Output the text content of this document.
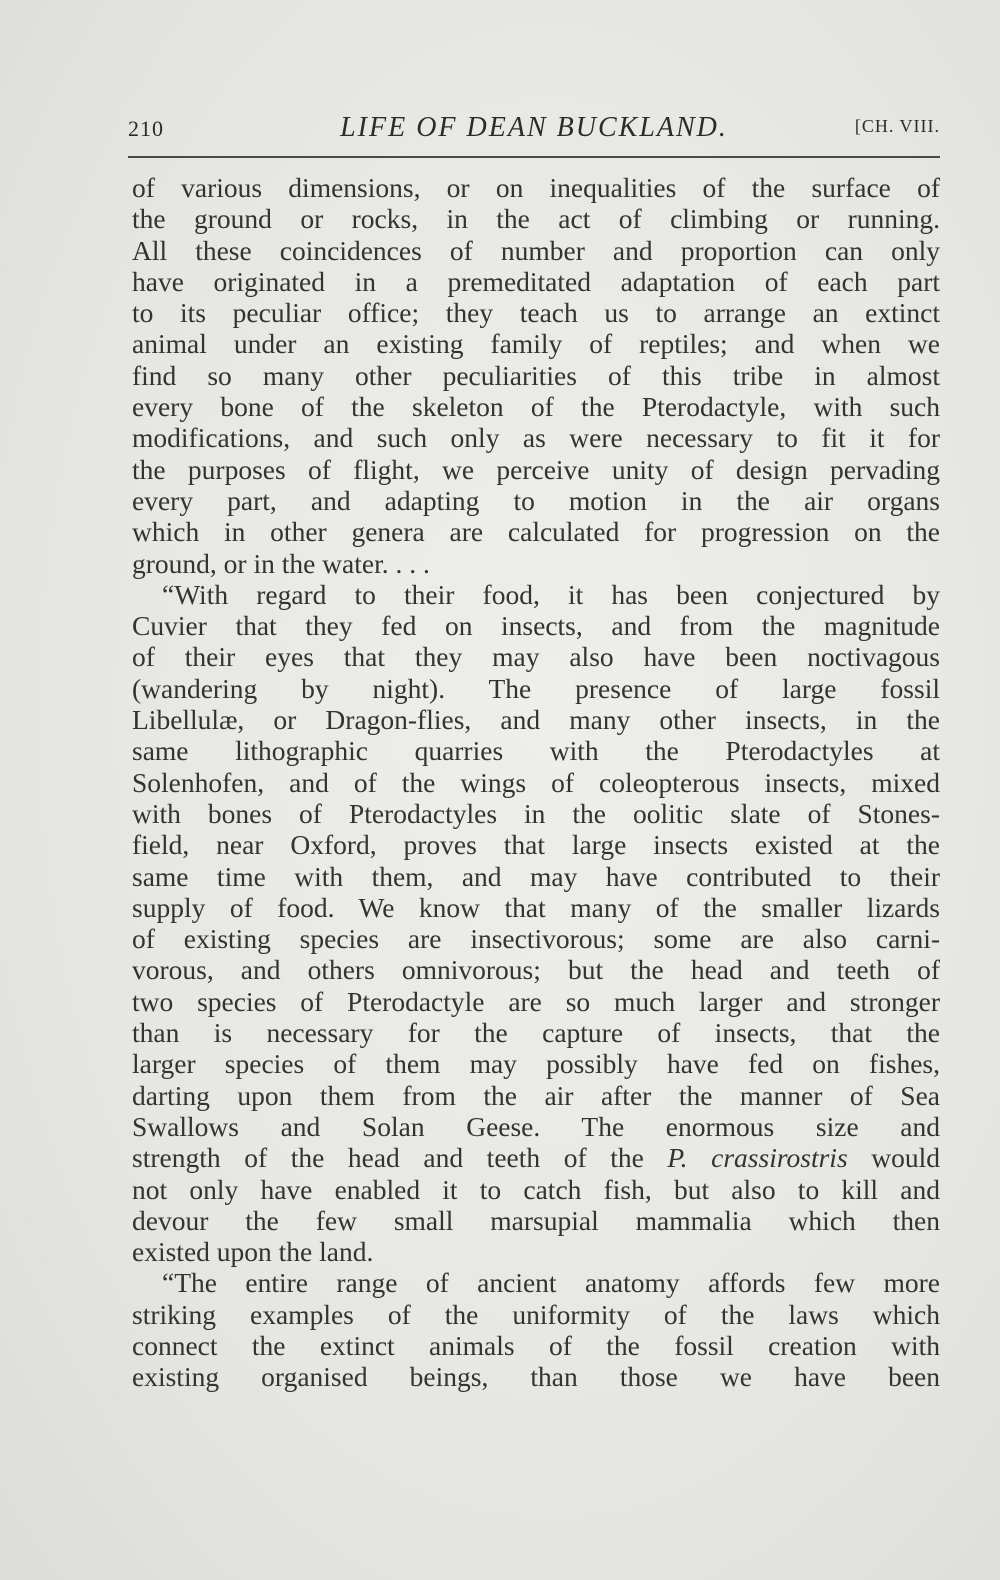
210	LIFE OF DEAN BUCKLAND.	[CH. VIII.
of various dimensions, or on inequalities of the surface of
the ground or rocks, in the act of climbing or running.
All these coincidences of number and proportion can only
have originated in a premeditated adaptation of each part
to its peculiar office; they teach us to arrange an extinct
animal under an existing family of reptiles; and when we
find so many other peculiarities of this tribe in almost
every bone of the skeleton of the Pterodactyle, with such
modifications, and such only as were necessary to fit it for
the purposes of flight, we perceive unity of design pervading
every part, and adapting to motion in the air organs
which in other genera are calculated for progression on the
ground, or in the water. . . .
“With regard to their food, it has been conjectured by
Cuvier that they fed on insects, and from the magnitude
of their eyes that they may also have been noctivagous
(wandering by night). The presence of large fossil
Libellulæ, or Dragon-flies, and many other insects, in the
same lithographic quarries with the Pterodactyles at
Solenhofen, and of the wings of coleopterous insects, mixed
with bones of Pterodactyles in the oolitic slate of Stones-
field, near Oxford, proves that large insects existed at the
same time with them, and may have contributed to their
supply of food. We know that many of the smaller lizards
of existing species are insectivorous; some are also carni-
vorous, and others omnivorous; but the head and teeth of
two species of Pterodactyle are so much larger and stronger
than is necessary for the capture of insects, that the
larger species of them may possibly have fed on fishes,
darting upon them from the air after the manner of Sea
Swallows and Solan Geese. The enormous size and
strength of the head and teeth of the P. crassirostris would
not only have enabled it to catch fish, but also to kill and
devour the few small marsupial mammalia which then
existed upon the land.
“The entire range of ancient anatomy affords few more
striking examples of the uniformity of the laws which
connect the extinct animals of the fossil creation with
existing organised beings, than those we have been
